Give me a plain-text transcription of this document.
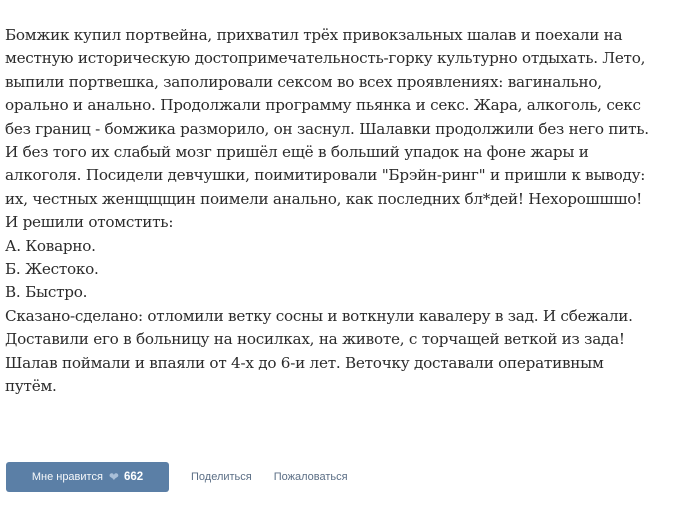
Бомжик купил портвейна, прихватил трёх привокзальных шалав и поехали на
местную историческую достопримечательность-горку культурно отдыхать. Лето,
выпили портвешка, заполировали сексом во всех проявлениях: вагинально,
орально и анально. Продолжали программу пьянка и секс. Жара, алкоголь, секс
без границ - бомжика разморило, он заснул. Шалавки продолжили без него пить.
И без того их слабый мозг пришёл ещё в больший упадок на фоне жары и
алкоголя. Посидели девчушки, поимитировали "Брэйн-ринг" и пришли к выводу:
их, честных женщщщин поимели анально, как последних бл*дей! Нехорошшшо!
И решили отомстить:
А. Коварно.
Б. Жестоко.
В. Быстро.
Сказано-сделано: отломили ветку сосны и воткнули кавалеру в зад. И сбежали.
Доставили его в больницу на носилках, на животе, с торчащей веткой из зада!
Шалав поймали и впаяли от 4-х до 6-и лет. Веточку доставали оперативным
путём.
Мне нравится ❤ 662	Поделиться Пожаловаться
